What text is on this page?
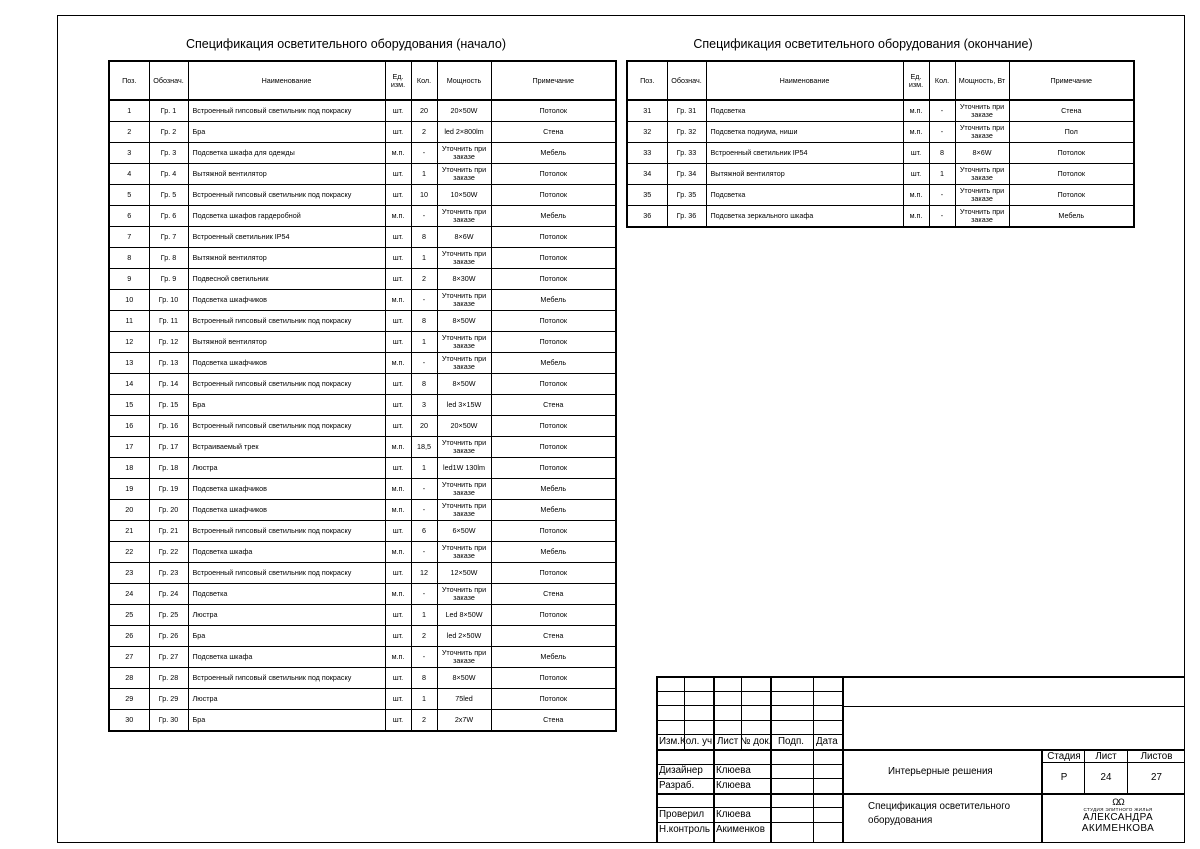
Спецификация осветительного оборудования (начало)	Спецификация осветительного оборудования (окончание)
Поз.	Обознач.	Наименование	Ед. изм.	Кол.	Мощность	Примечание
1	Гр. 1	Встроенный гипсовый светильник под покраску	шт.	20	20×50W	Потолок
2	Гр. 2	Бра	шт.	2	led 2×800lm	Стена
3	Гр. 3	Подсветка шкафа для одежды	м.п.	-	Уточнить при заказе	Мебель
4	Гр. 4	Вытяжной вентилятор	шт.	1	Уточнить при заказе	Потолок
5	Гр. 5	Встроенный гипсовый светильник под покраску	шт.	10	10×50W	Потолок
6	Гр. 6	Подсветка шкафов гардеробной	м.п.	-	Уточнить при заказе	Мебель
7	Гр. 7	Встроенный светильник IP54	шт.	8	8×6W	Потолок
8	Гр. 8	Вытяжной вентилятор	шт.	1	Уточнить при заказе	Потолок
9	Гр. 9	Подвесной светильник	шт.	2	8×30W	Потолок
10	Гр. 10	Подсветка шкафчиков	м.п.	-	Уточнить при заказе	Мебель
11	Гр. 11	Встроенный гипсовый светильник под покраску	шт.	8	8×50W	Потолок
12	Гр. 12	Вытяжной вентилятор	шт.	1	Уточнить при заказе	Потолок
13	Гр. 13	Подсветка шкафчиков	м.п.	-	Уточнить при заказе	Мебель
14	Гр. 14	Встроенный гипсовый светильник под покраску	шт.	8	8×50W	Потолок
15	Гр. 15	Бра	шт.	3	led 3×15W	Стена
16	Гр. 16	Встроенный гипсовый светильник под покраску	шт.	20	20×50W	Потолок
17	Гр. 17	Встраиваемый трек	м.п.	18,5	Уточнить при заказе	Потолок
18	Гр. 18	Люстра	шт.	1	led1W 130lm	Потолок
19	Гр. 19	Подсветка шкафчиков	м.п.	-	Уточнить при заказе	Мебель
20	Гр. 20	Подсветка шкафчиков	м.п.	-	Уточнить при заказе	Мебель
21	Гр. 21	Встроенный гипсовый светильник под покраску	шт.	6	6×50W	Потолок
22	Гр. 22	Подсветка шкафа	м.п.	-	Уточнить при заказе	Мебель
23	Гр. 23	Встроенный гипсовый светильник под покраску	шт.	12	12×50W	Потолок
24	Гр. 24	Подсветка	м.п.	-	Уточнить при заказе	Стена
25	Гр. 25	Люстра	шт.	1	Led 8×50W	Потолок
26	Гр. 26	Бра	шт.	2	led 2×50W	Стена
27	Гр. 27	Подсветка шкафа	м.п.	-	Уточнить при заказе	Мебель
28	Гр. 28	Встроенный гипсовый светильник под покраску	шт.	8	8×50W	Потолок
29	Гр. 29	Люстра	шт.	1	75led	Потолок
30	Гр. 30	Бра	шт.	2	2x7W	Стена
Поз.	Обознач.	Наименование	Ед. изм.	Кол.	Мощность, Вт	Примечание
31	Гр. 31	Подсветка	м.п.	-	Уточнить при заказе	Стена
32	Гр. 32	Подсветка подиума, ниши	м.п.	-	Уточнить при заказе	Пол
33	Гр. 33	Встроенный светильник IP54	шт.	8	8×6W	Потолок
34	Гр. 34	Вытяжной вентилятор	шт.	1	Уточнить при заказе	Потолок
35	Гр. 35	Подсветка	м.п.	-	Уточнить при заказе	Потолок
36	Гр. 36	Подсветка зеркального шкафа	м.п.	-	Уточнить при заказе	Мебель
Изм. Кол. уч. Лист № док. Подп. Дата
Дизайнер Клюева
Разраб. Клюева
Проверил Клюева
Н.контроль Акименков
Стадия	Лист	Листов
Р	24	27
Интерьерные решения
Спецификация осветительного
оборудования
ΩΩ
СТУДИЯ ЭЛИТНОГО ЖИЛЬЯ
АЛЕКСАНДРА АКИМЕНКОВА
